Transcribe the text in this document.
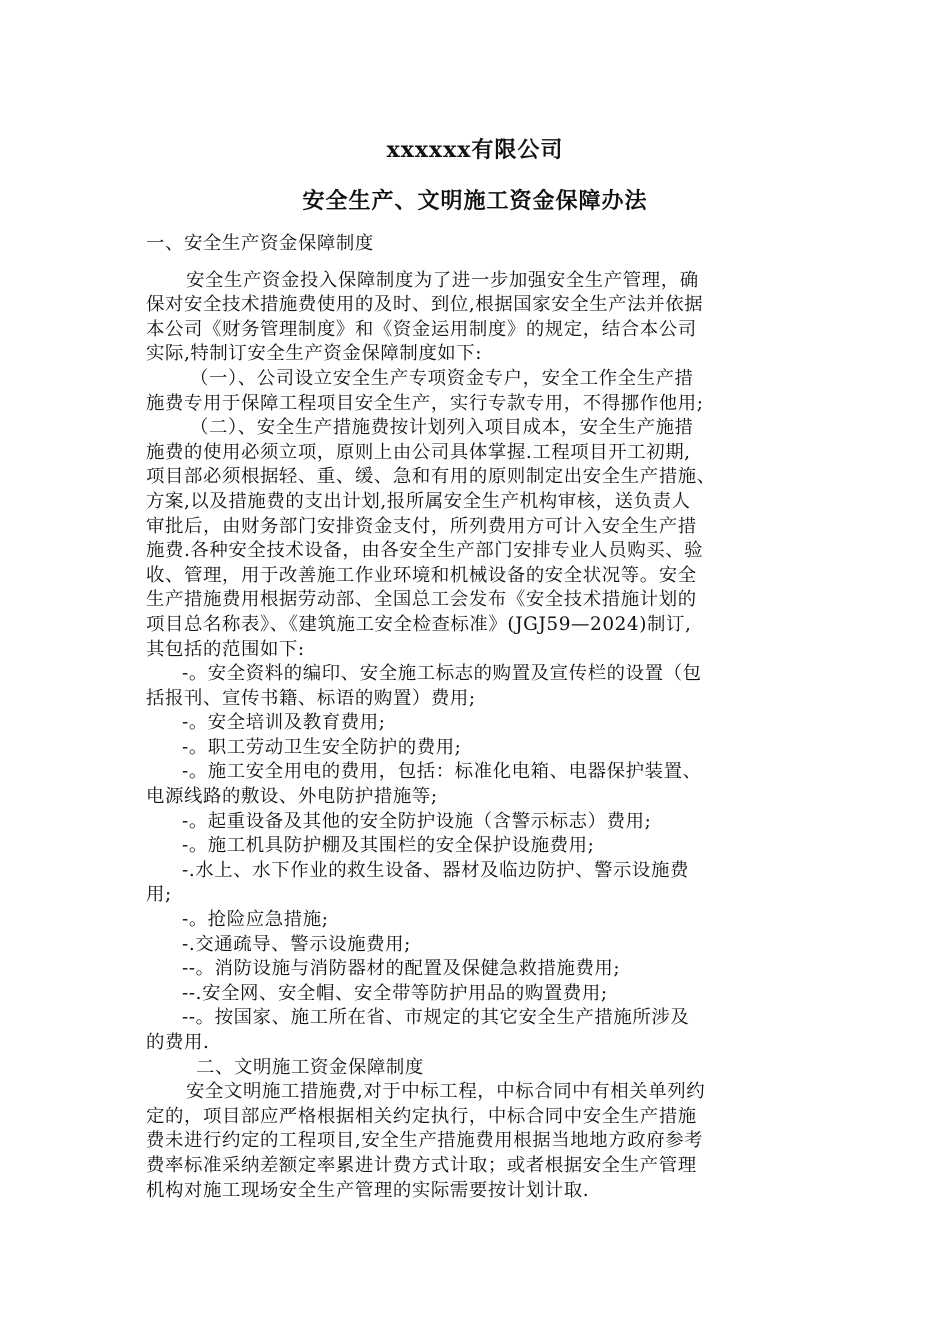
xxxxxx有限公司
安全生产、文明施工资金保障办法
一、安全生产资金保障制度
安全生产资金投入保障制度为了进一步加强安全生产管理，确
保对安全技术措施费使用的及时、到位,根据国家安全生产法并依据
本公司《财务管理制度》和《资金运用制度》的规定，结合本公司
实际,特制订安全生产资金保障制度如下:
（一）、公司设立安全生产专项资金专户，安全工作全生产措
施费专用于保障工程项目安全生产，实行专款专用，不得挪作他用;
（二）、安全生产措施费按计划列入项目成本，安全生产施措
施费的使用必须立项，原则上由公司具体掌握.工程项目开工初期,
项目部必须根据轻、重、缓、急和有用的原则制定出安全生产措施、
方案,以及措施费的支出计划,报所属安全生产机构审核，送负责人
审批后，由财务部门安排资金支付，所列费用方可计入安全生产措
施费.各种安全技术设备，由各安全生产部门安排专业人员购买、验
收、管理，用于改善施工作业环境和机械设备的安全状况等。安全
生产措施费用根据劳动部、全国总工会发布《安全技术措施计划的
项目总名称表》、《建筑施工安全检查标准》(JGJ59—2024)制订,
其包括的范围如下:
-。安全资料的编印、安全施工标志的购置及宣传栏的设置（包
括报刊、宣传书籍、标语的购置）费用;
-。安全培训及教育费用;
-。职工劳动卫生安全防护的费用;
-。施工安全用电的费用，包括：标准化电箱、电器保护装置、
电源线路的敷设、外电防护措施等;
-。起重设备及其他的安全防护设施（含警示标志）费用;
-。施工机具防护棚及其围栏的安全保护设施费用;
-.水上、水下作业的救生设备、器材及临边防护、警示设施费
用;
-。抢险应急措施;
-.交通疏导、警示设施费用;
--。消防设施与消防器材的配置及保健急救措施费用;
--.安全网、安全帽、安全带等防护用品的购置费用;
--。按国家、施工所在省、市规定的其它安全生产措施所涉及
的费用.
二、文明施工资金保障制度
安全文明施工措施费,对于中标工程，中标合同中有相关单列约
定的，项目部应严格根据相关约定执行，中标合同中安全生产措施
费未进行约定的工程项目,安全生产措施费用根据当地地方政府参考
费率标准采纳差额定率累进计费方式计取；或者根据安全生产管理
机构对施工现场安全生产管理的实际需要按计划计取.
